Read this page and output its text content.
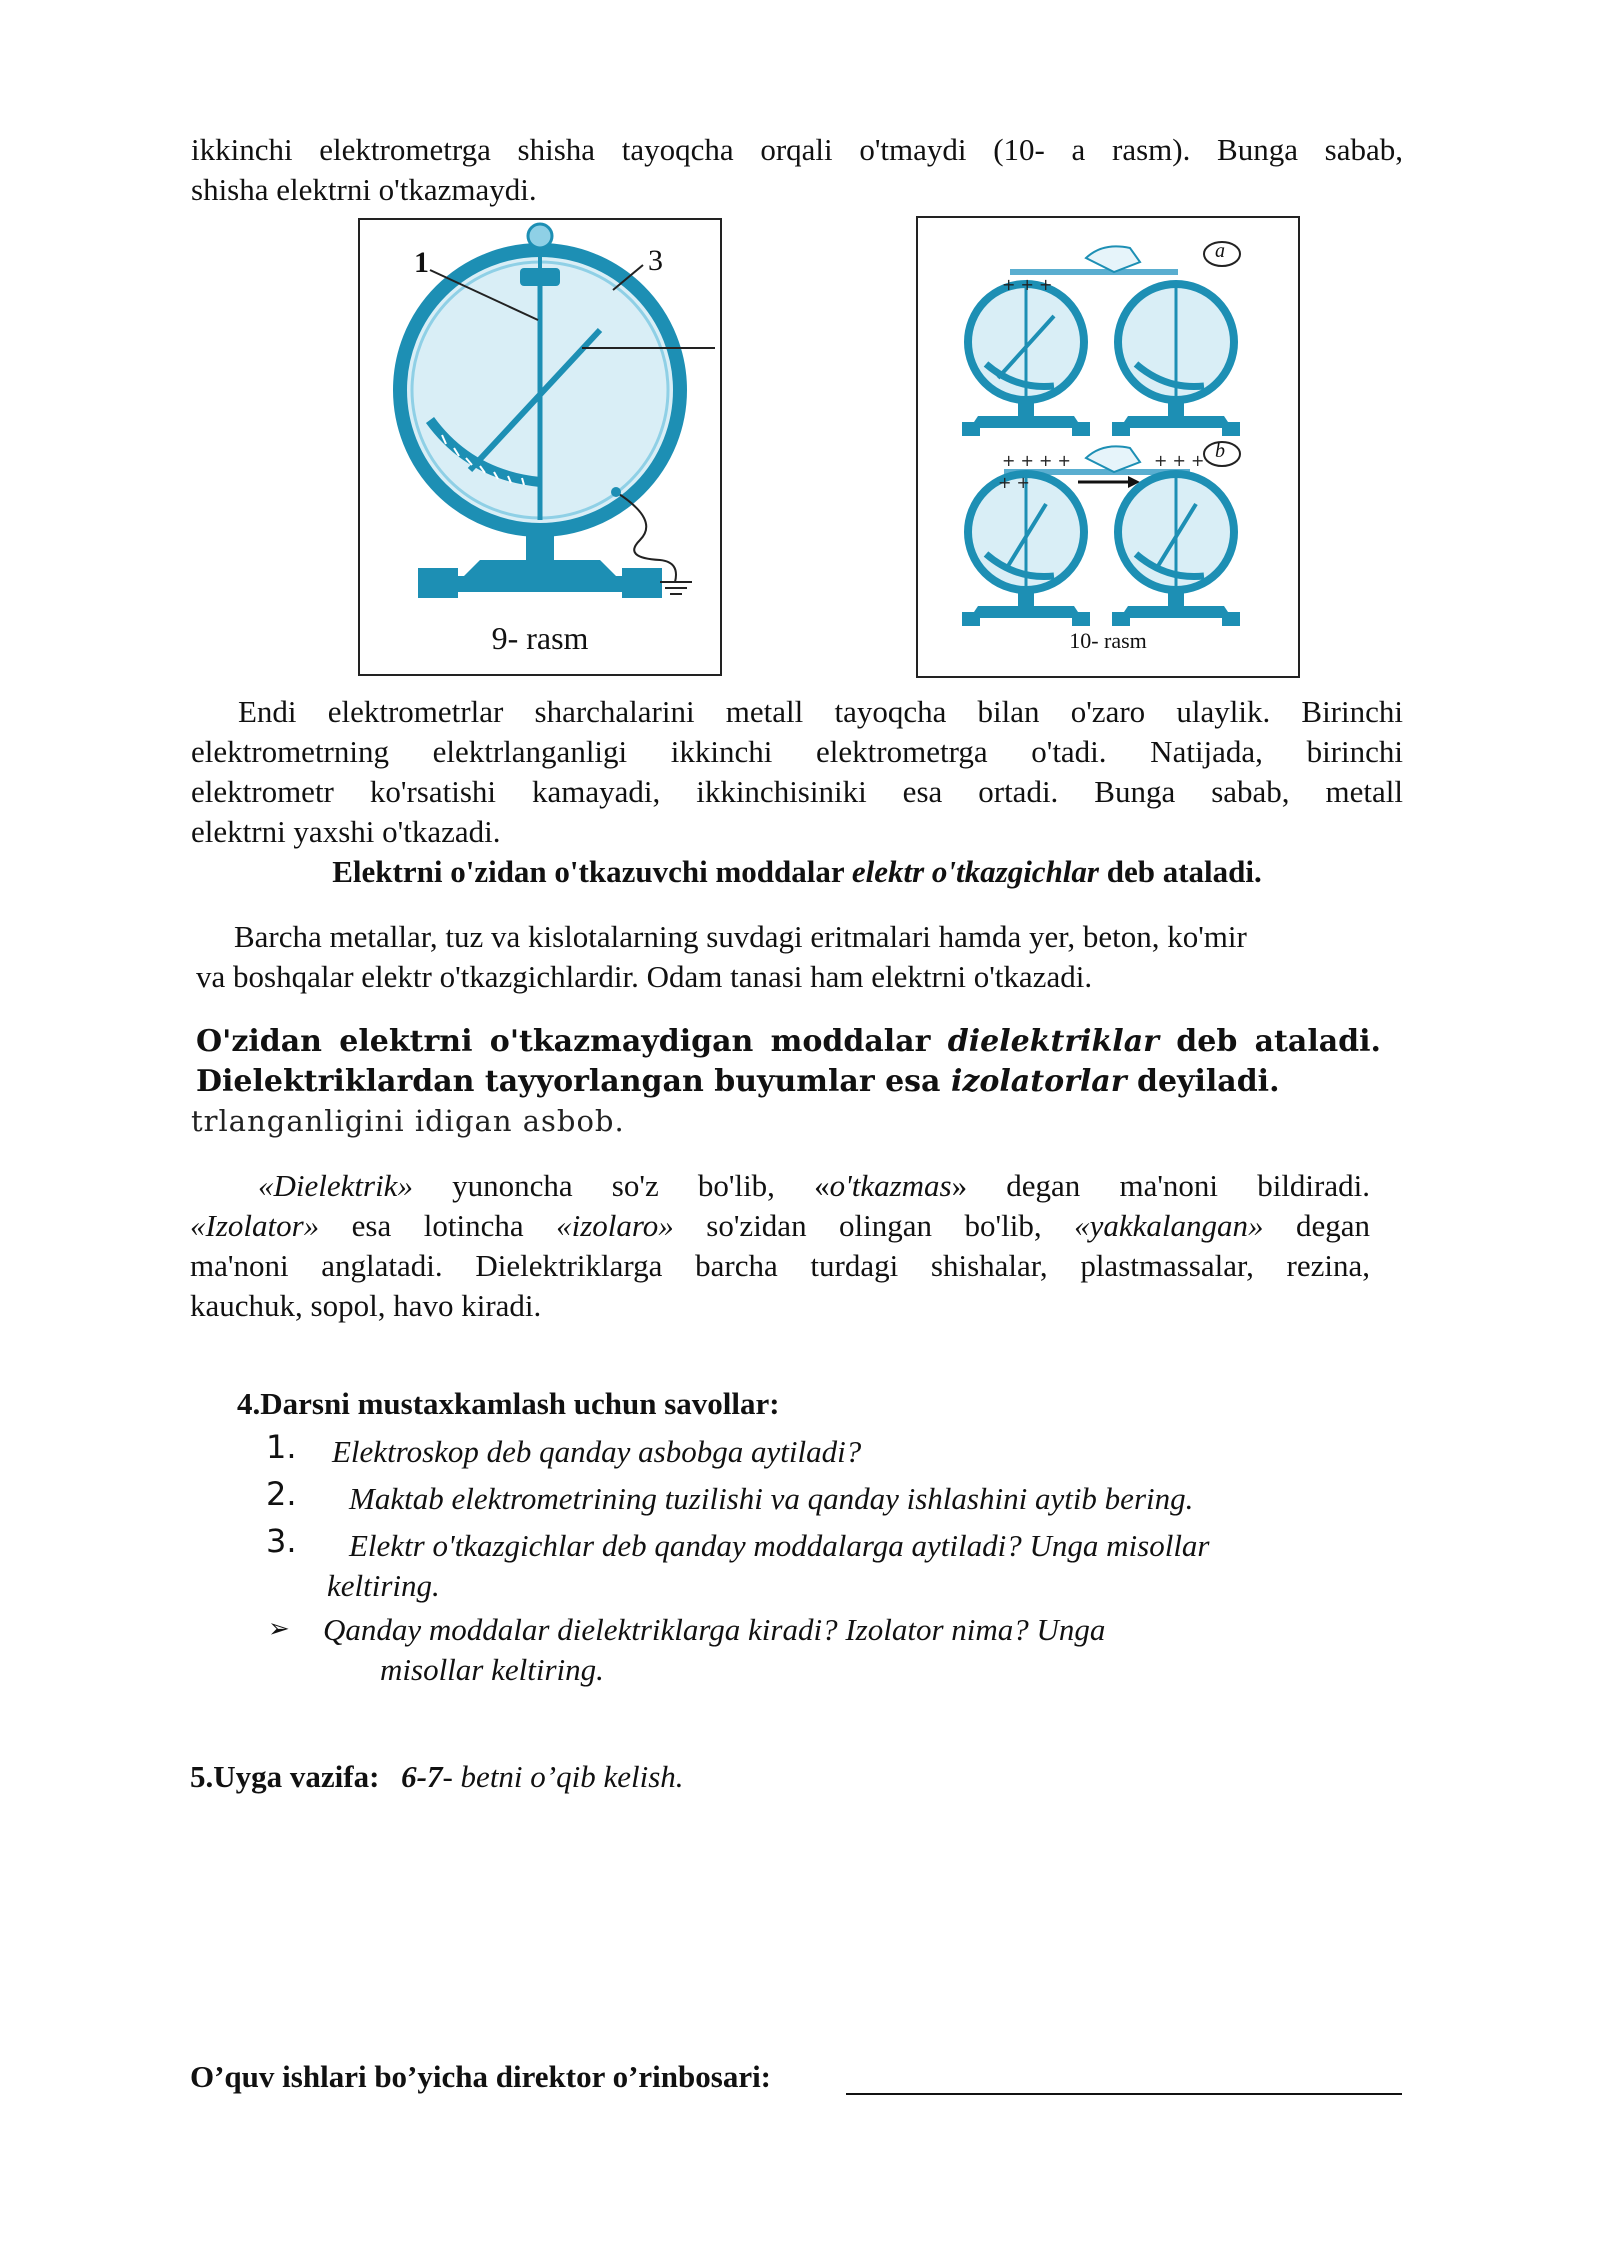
ikkinchi elektrometrga shisha tayoqcha orqali o'tmaydi (10- a rasm). Bunga sabab,
shisha elektrni o'tkazmaydi.
1	3
9- rasm
+ + +
+ + + +	+ + +
+ +
a
b
10- rasm
Endi elektrometrlar sharchalarini metall tayoqcha bilan o'zaro ulaylik. Birinchi
elektrometrning elektrlanganligi ikkinchi elektrometrga o'tadi. Natijada, birinchi
elektrometr ko'rsatishi kamayadi, ikkinchisiniki esa ortadi. Bunga sabab, metall
elektrni yaxshi o'tkazadi.

Elektrni o'zidan o'tkazuvchi moddalar elektr o'tkazgichlar deb ataladi.

Barcha metallar, tuz va kislotalarning suvdagi eritmalari hamda yer, beton, ko'mir
va boshqalar elektr o'tkazgichlardir. Odam tanasi ham elektrni o'tkazadi.
O'zidan elektrni o'tkazmaydigan moddalar dielektriklar deb ataladi.
Dielektriklardan tayyorlangan buyumlar esa izolatorlar deyiladi.

trlanganligini idigan asbob.

«Dielektrik» yunoncha so'z bo'lib, «o'tkazmas» degan ma'noni bildiradi.
«Izolator» esa lotincha «izolaro» so'zidan olingan bo'lib, «yakkalangan» degan
ma'noni anglatadi. Dielektriklarga barcha turdagi shishalar, plastmassalar, rezina,
kauchuk, sopol, havo kiradi.

4.Darsni mustaxkamlash uchun savollar:

1. Elektroskop deb qanday asbobga aytiladi?
2. Maktab elektrometrining tuzilishi va qanday ishlashini aytib bering.
3. Elektr o'tkazgichlar deb qanday moddalarga aytiladi? Unga misollar
keltiring.
➢ Qanday moddalar dielektriklarga kiradi? Izolator nima? Unga
misollar keltiring.

5.Uyga vazifa: 6-7- betni o’qib kelish.

O’quv ishlari bo’yicha direktor o’rinbosari:
